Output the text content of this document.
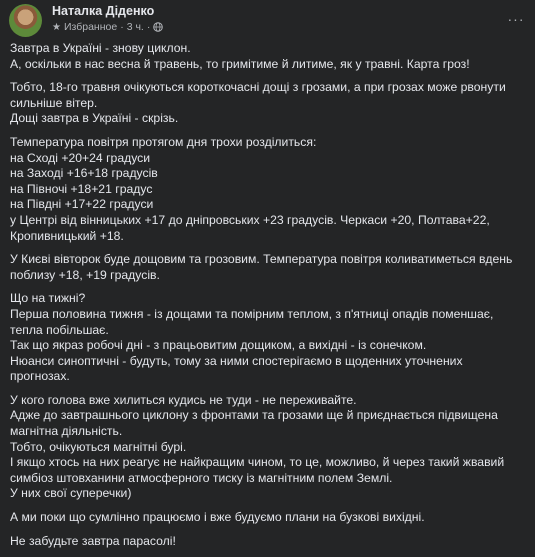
Наталка Діденко
★ Избранное · 3 ч. ·	···
Завтра в Україні - знову циклон.
А, оскільки в нас весна й травень, то гримітиме й литиме, як у травні. Карта гроз!
Тобто, 18-го травня очікуються короткочасні дощі з грозами, а при грозах може рвонути сильніше вітер.
Дощі завтра в Україні - скрізь.
Температура повітря протягом дня трохи розділиться:
на Сході +20+24 градуси
на Заході +16+18 градусів
на Півночі +18+21 градус
на Півдні +17+22 градуси
у Центрі від вінницьких +17 до дніпровських +23 градусів. Черкаси +20, Полтава+22, Кропивницький +18.
У Києві вівторок буде дощовим та грозовим. Температура повітря коливатиметься вдень поблизу +18, +19 градусів.
Що на тижні?
Перша половина тижня - із дощами та помірним теплом, з п'ятниці опадів поменшає, тепла побільшає.
Так що якраз робочі дні - з працьовитим дощиком, а вихідні - із сонечком.
Нюанси синоптичні - будуть, тому за ними спостерігаємо в щоденних уточнених прогнозах.
У кого голова вже хилиться кудись не туди - не переживайте.
Адже до завтрашнього циклону з фронтами та грозами ще й приєднається підвищена магнітна діяльність.
Тобто, очікуються магнітні бурі.
І якщо хтось на них реагує не найкращим чином, то це, можливо, й через такий жвавий симбіоз штовханини атмосферного тиску із магнітним полем Землі.
У них свої суперечки)
А ми поки що сумлінно працюємо і вже будуємо плани на бузкові вихідні.
Не забудьте завтра парасолі!
